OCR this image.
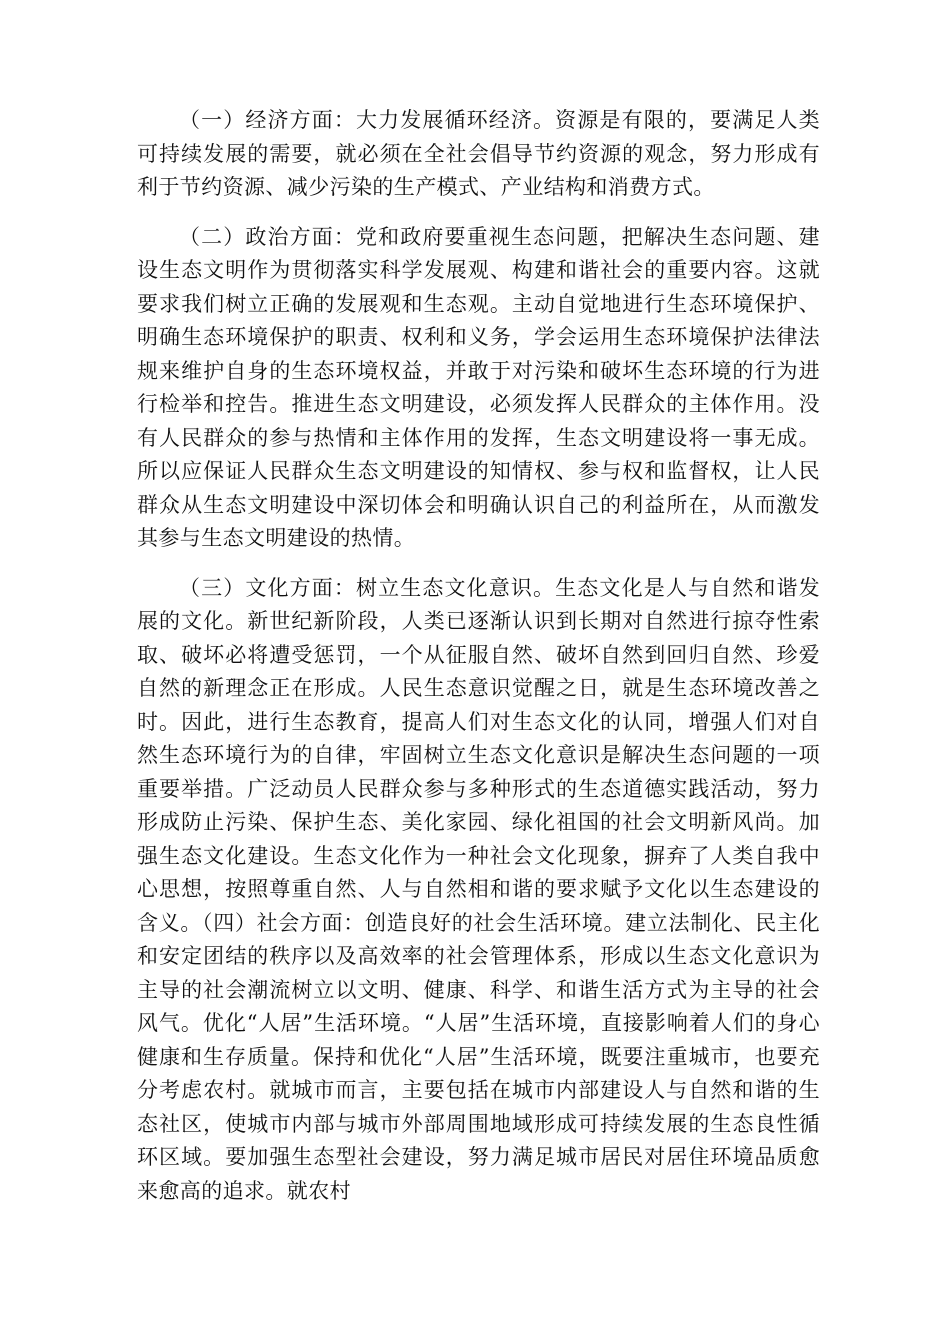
（一）经济方面：大力发展循环经济。资源是有限的，要满足人类可持续发展的需要，就必须在全社会倡导节约资源的观念，努力形成有利于节约资源、减少污染的生产模式、产业结构和消费方式。

（二）政治方面：党和政府要重视生态问题，把解决生态问题、建设生态文明作为贯彻落实科学发展观、构建和谐社会的重要内容。这就要求我们树立正确的发展观和生态观。主动自觉地进行生态环境保护、明确生态环境保护的职责、权利和义务，学会运用生态环境保护法律法规来维护自身的生态环境权益，并敢于对污染和破坏生态环境的行为进行检举和控告。推进生态文明建设，必须发挥人民群众的主体作用。没有人民群众的参与热情和主体作用的发挥，生态文明建设将一事无成。所以应保证人民群众生态文明建设的知情权、参与权和监督权，让人民群众从生态文明建设中深切体会和明确认识自己的利益所在，从而激发其参与生态文明建设的热情。

（三）文化方面：树立生态文化意识。生态文化是人与自然和谐发展的文化。新世纪新阶段，人类已逐渐认识到长期对自然进行掠夺性索取、破坏必将遭受惩罚，一个从征服自然、破坏自然到回归自然、珍爱自然的新理念正在形成。人民生态意识觉醒之日，就是生态环境改善之时。因此，进行生态教育，提高人们对生态文化的认同，增强人们对自然生态环境行为的自律，牢固树立生态文化意识是解决生态问题的一项重要举措。广泛动员人民群众参与多种形式的生态道德实践活动，努力形成防止污染、保护生态、美化家园、绿化祖国的社会文明新风尚。加强生态文化建设。生态文化作为一种社会文化现象，摒弃了人类自我中心思想，按照尊重自然、人与自然相和谐的要求赋予文化以生态建设的含义。（四）社会方面：创造良好的社会生活环境。建立法制化、民主化和安定团结的秩序以及高效率的社会管理体系，形成以生态文化意识为主导的社会潮流树立以文明、健康、科学、和谐生活方式为主导的社会风气。优化“人居”生活环境。“人居”生活环境，直接影响着人们的身心健康和生存质量。保持和优化“人居”生活环境，既要注重城市，也要充分考虑农村。就城市而言，主要包括在城市内部建设人与自然和谐的生态社区，使城市内部与城市外部周围地域形成可持续发展的生态良性循环区域。要加强生态型社会建设，努力满足城市居民对居住环境品质愈来愈高的追求。就农村
